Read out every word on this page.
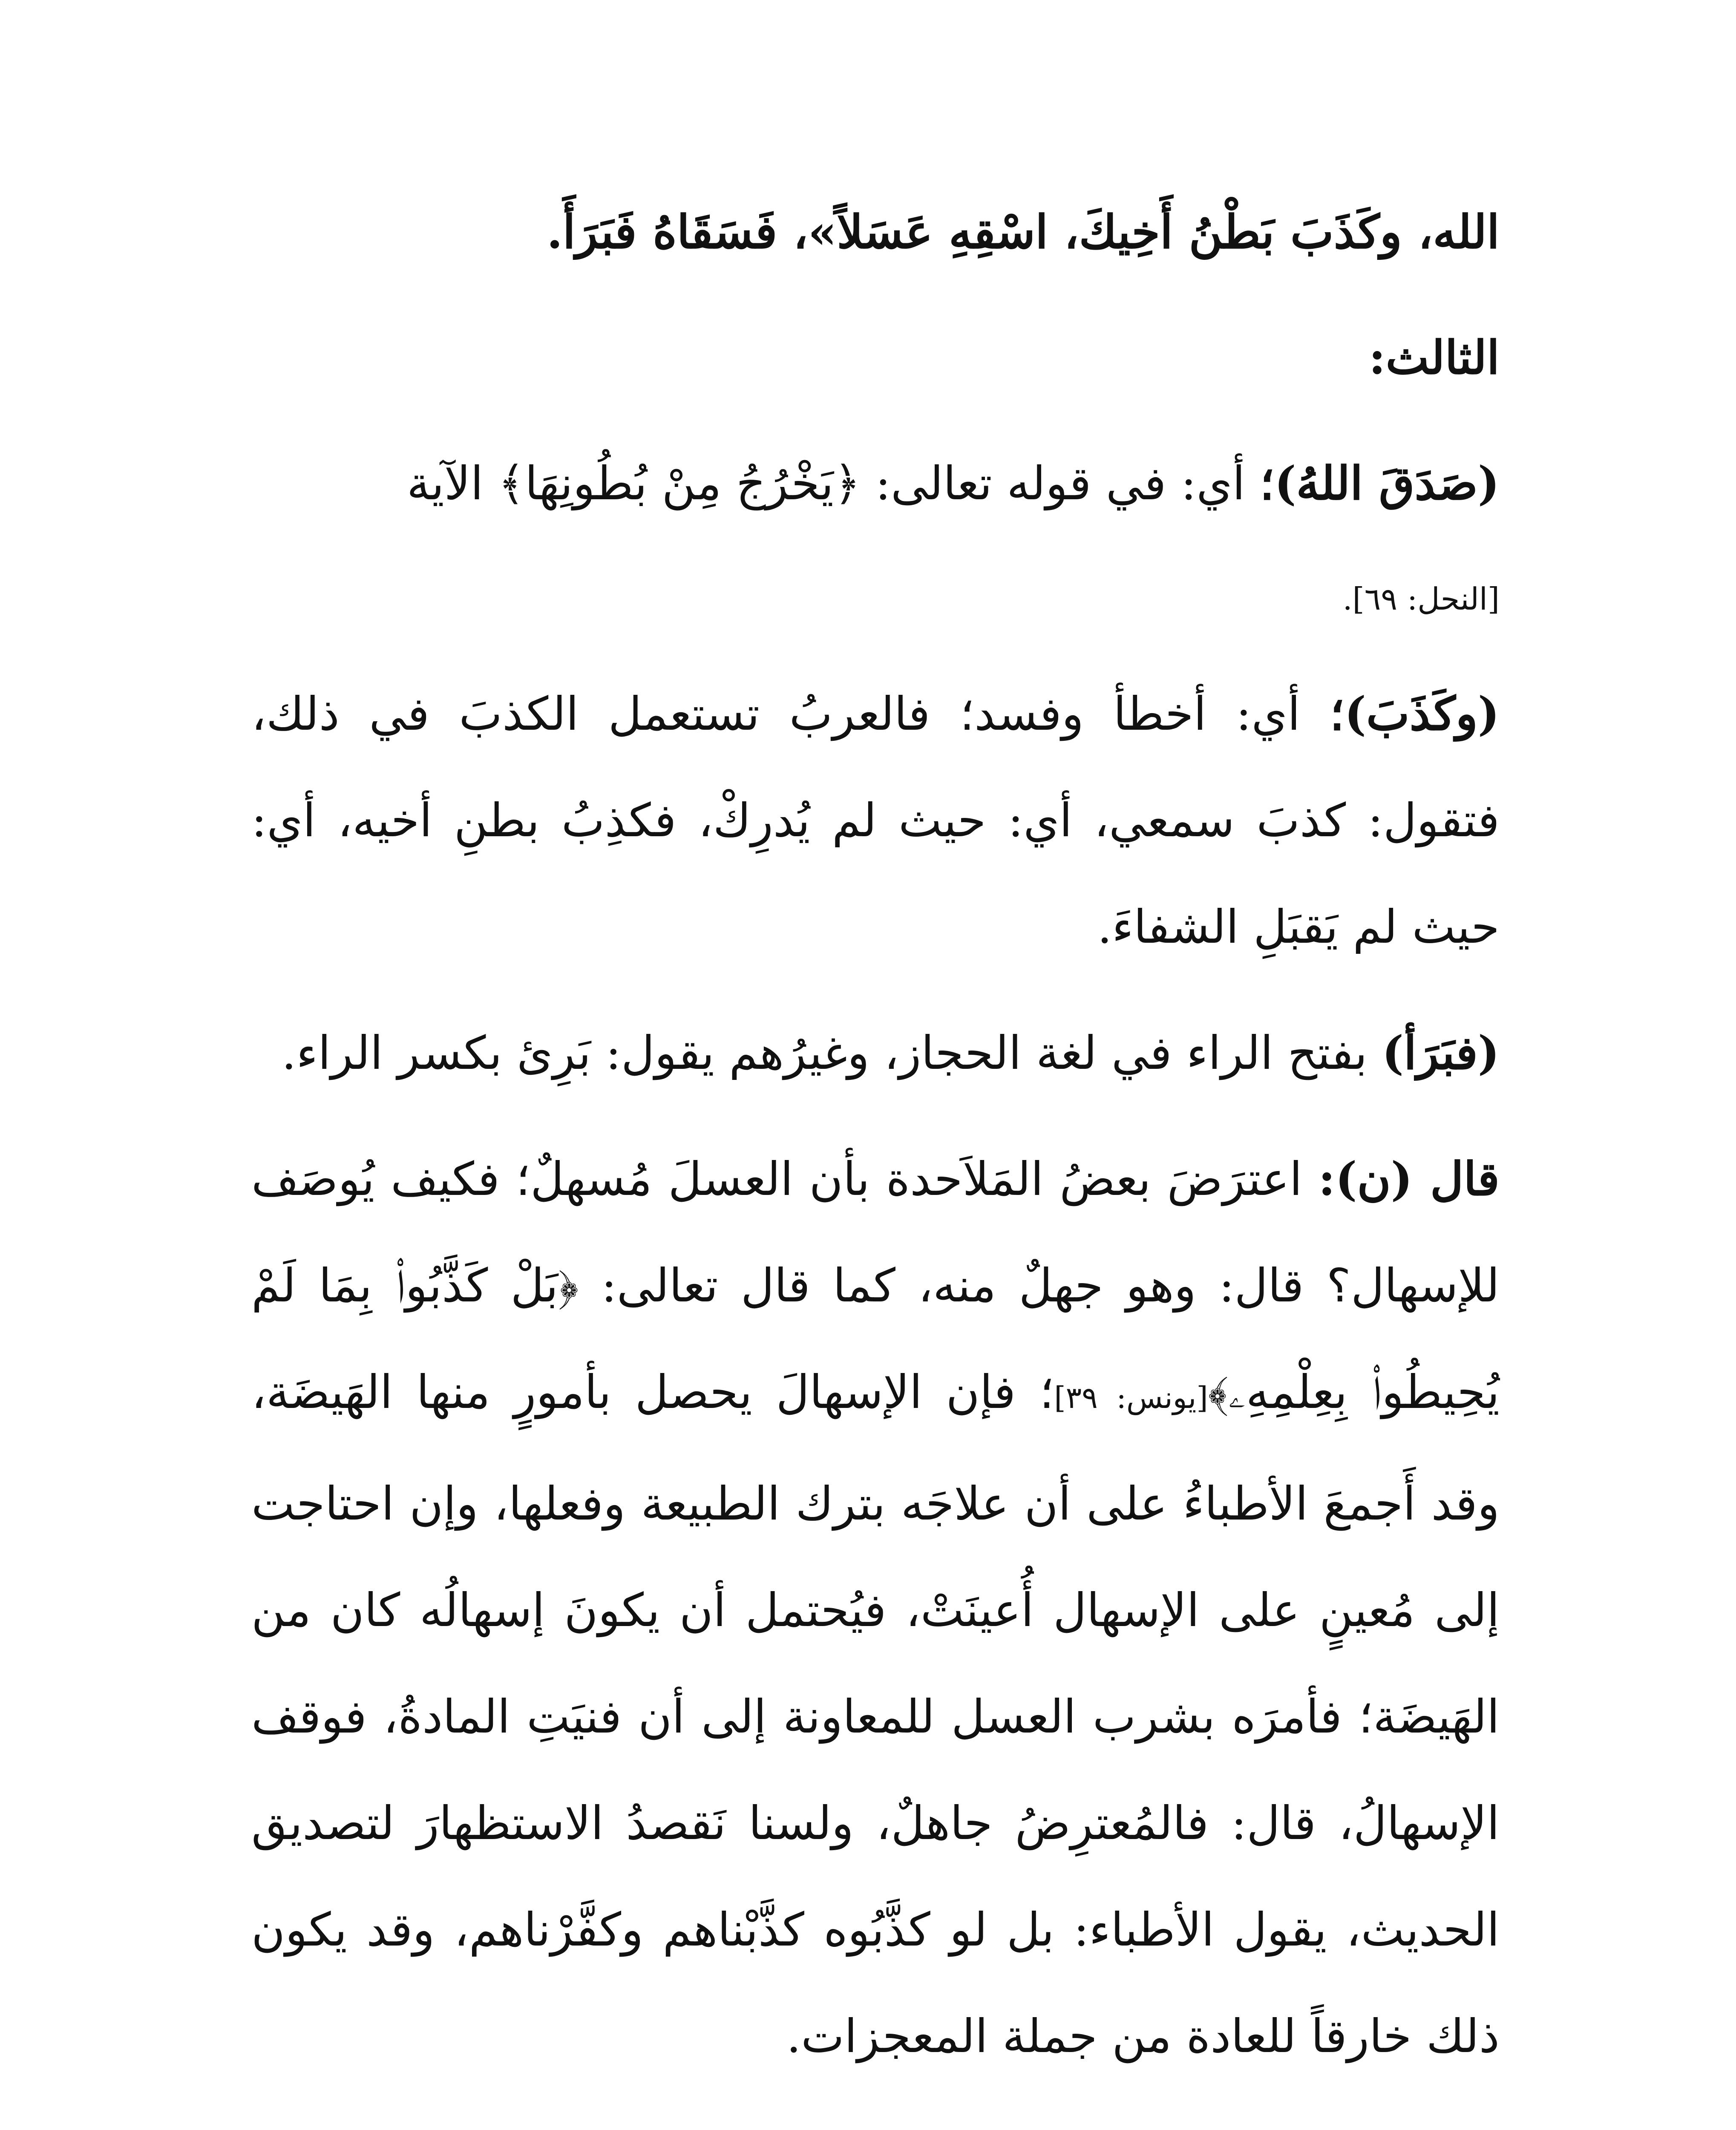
الله، وكَذَبَ بَطْنُ أَخِيكَ، اسْقِهِ عَسَلاً»، فَسَقَاهُ فَبَرَأَ.

الثالث:

(صَدَقَ اللهُ)؛ أي: في قوله تعالى: ﴿يَخْرُجُ مِنْ بُطُونِهَا﴾ الآية

[النحل: ٦٩].

(وكَذَبَ)؛ أي: أخطأ وفسد؛ فالعربُ تستعمل الكذبَ في ذلك، فتقول: كذبَ سمعي، أي: حيث لم يُدرِكْ، فكذِبُ بطنِ أخيه، أي: حيث لم يَقبَلِ الشفاءَ.

(فبَرَأ) بفتح الراء في لغة الحجاز، وغيرُهم يقول: بَرِئ بكسر الراء.

قال (ن): اعترَضَ بعضُ المَلاَحدة بأن العسلَ مُسهلٌ؛ فكيف يُوصَف للإسهال؟ قال: وهو جهلٌ منه، كما قال تعالى: ﴿بَلْ كَذَّبُوا۟ بِمَا لَمْ يُحِيطُوا۟ بِعِلْمِهِۦ﴾[يونس: ٣٩]؛ فإن الإسهالَ يحصل بأمورٍ منها الهَيضَة، وقد أَجمعَ الأطباءُ على أن علاجَه بترك الطبيعة وفعلها، وإن احتاجت إلى مُعينٍ على الإسهال أُعينَتْ، فيُحتمل أن يكونَ إسهالُه كان من الهَيضَة؛ فأمرَه بشرب العسل للمعاونة إلى أن فنيَتِ المادةُ، فوقف الإسهالُ، قال: فالمُعترِضُ جاهلٌ، ولسنا نَقصدُ الاستظهارَ لتصديق الحديث، يقول الأطباء: بل لو كذَّبُوه كذَّبْناهم وكفَّرْناهم، وقد يكون ذلك خارقاً للعادة من جملة المعجزات.
